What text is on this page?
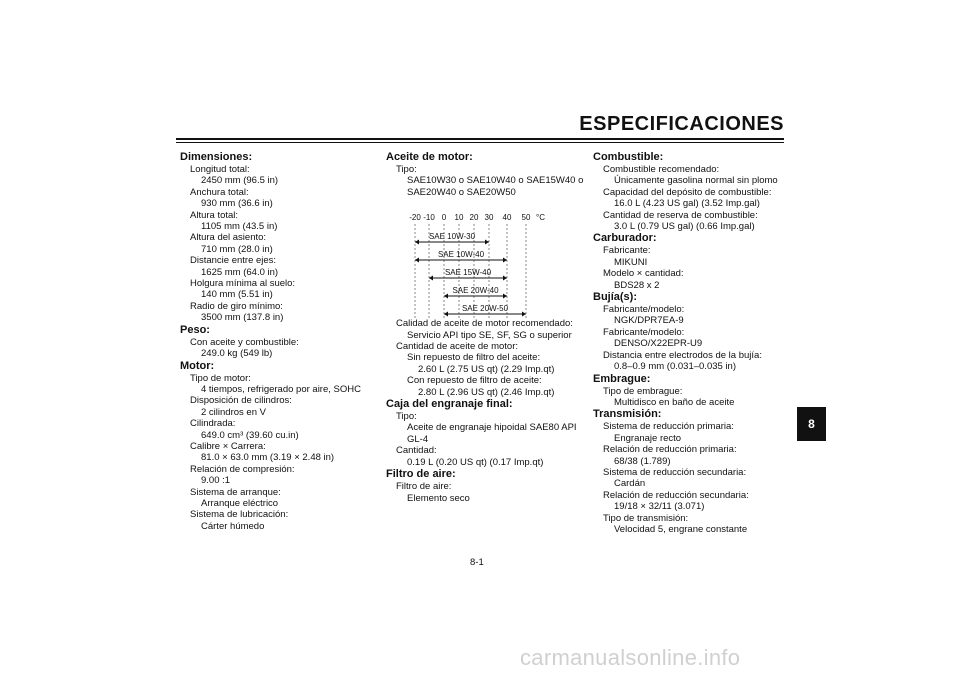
ESPECIFICACIONES
Dimensiones:
Longitud total:
2450 mm (96.5 in)
Anchura total:
930 mm (36.6 in)
Altura total:
1105 mm (43.5 in)
Altura del asiento:
710 mm (28.0 in)
Distancie entre ejes:
1625 mm (64.0 in)
Holgura mínima al suelo:
140 mm (5.51 in)
Radio de giro mínimo:
3500 mm (137.8 in)
Peso:
Con aceite y combustible:
249.0 kg (549 lb)
Motor:
Tipo de motor:
4 tiempos, refrigerado por aire, SOHC
Disposición de cilindros:
2 cilindros en V
Cilindrada:
649.0 cm³ (39.60 cu.in)
Calibre × Carrera:
81.0 × 63.0 mm (3.19 × 2.48 in)
Relación de compresión:
9.00 :1
Sistema de arranque:
Arranque eléctrico
Sistema de lubricación:
Cárter húmedo
Aceite de motor:
Tipo:
SAE10W30 o SAE10W40 o SAE15W40 o
SAE20W40 o SAE20W50
Calidad de aceite de motor recomendado:
Servicio API tipo SE, SF, SG o superior
Cantidad de aceite de motor:
Sin repuesto de filtro del aceite:
2.60 L (2.75 US qt) (2.29 Imp.qt)
Con repuesto de filtro de aceite:
2.80 L (2.96 US qt) (2.46 Imp.qt)
Caja del engranaje final:
Tipo:
Aceite de engranaje hipoidal SAE80 API
GL-4
Cantidad:
0.19 L (0.20 US qt) (0.17 Imp.qt)
Filtro de aire:
Filtro de aire:
Elemento seco
-20 -10 0 10 20 30 40 50 °C
SAE 10W-30
SAE 10W-40
SAE 15W-40
SAE 20W-40
SAE 20W-50
Combustible:
Combustible recomendado:
Únicamente gasolina normal sin plomo
Capacidad del depósito de combustible:
16.0 L (4.23 US gal) (3.52 Imp.gal)
Cantidad de reserva de combustible:
3.0 L (0.79 US gal) (0.66 Imp.gal)
Carburador:
Fabricante:
MIKUNI
Modelo × cantidad:
BDS28 x 2
Bujía(s):
Fabricante/modelo:
NGK/DPR7EA-9
Fabricante/modelo:
DENSO/X22EPR-U9
Distancia entre electrodos de la bujía:
0.8–0.9 mm (0.031–0.035 in)
Embrague:
Tipo de embrague:
Multidisco en baño de aceite
Transmisión:
Sistema de reducción primaria:
Engranaje recto
Relación de reducción primaria:
68/38 (1.789)
Sistema de reducción secundaria:
Cardán
Relación de reducción secundaria:
19/18 × 32/11 (3.071)
Tipo de transmisión:
Velocidad 5, engrane constante
8
8-1
carmanualsonline.info
